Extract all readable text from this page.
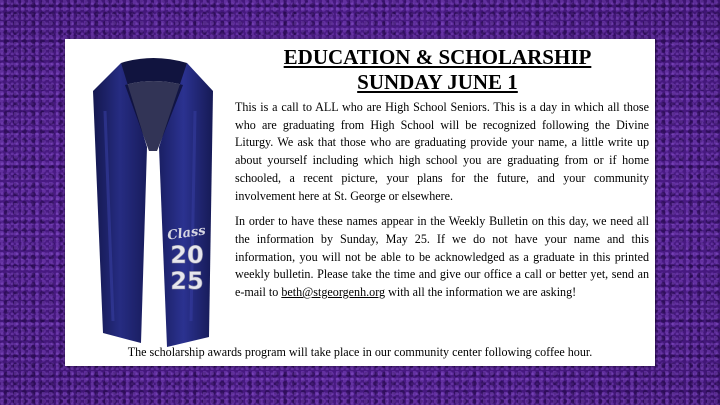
Class
20
25
EDUCATION & SCHOLARSHIP
SUNDAY JUNE 1

This is a call to ALL who are High School Seniors. This is a day in which all those who are graduating from High School will be recognized following the Divine Liturgy. We ask that those who are graduating provide your name, a little write up about yourself including which high school you are graduating from or if home schooled, a recent picture, your plans for the future, and your community involvement here at St. George or elsewhere.

In order to have these names appear in the Weekly Bulletin on this day, we need all the information by Sunday, May 25. If we do not have your name and this information, you will not be able to be acknowledged as a graduate in this printed weekly bulletin. Please take the time and give our office a call or better yet, send an e-mail to beth@stgeorgenh.org with all the information we are asking!

The scholarship awards program will take place in our community center following coffee hour.
